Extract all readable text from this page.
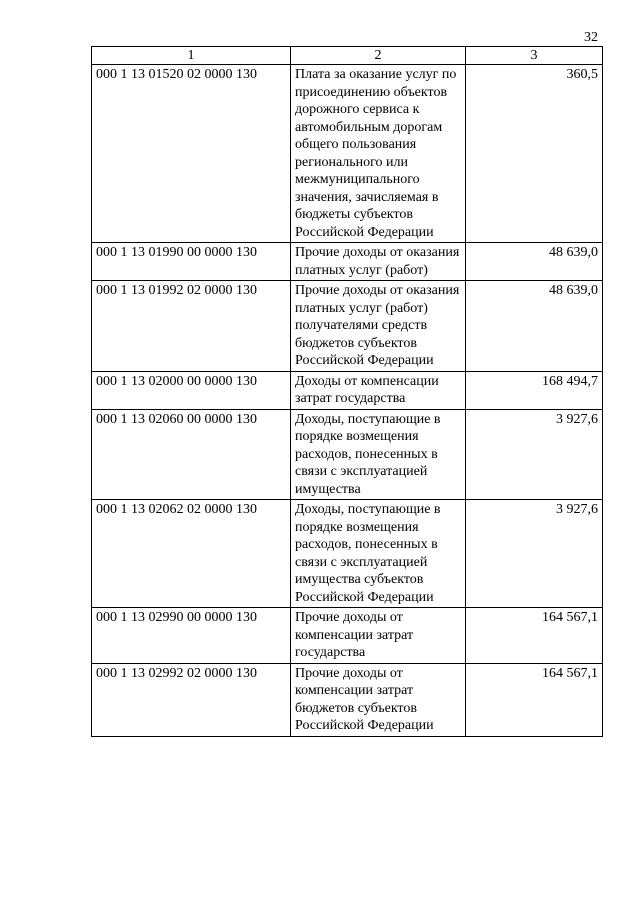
32
1	2	3
000 1 13 01520 02 0000 130	Плата за оказание услуг по присоединению объектов дорожного сервиса к автомобильным дорогам общего пользования регионального или межмуниципального значения, зачисляемая в бюджеты субъектов Российской Федерации	360,5
000 1 13 01990 00 0000 130	Прочие доходы от оказания платных услуг (работ)	48 639,0
000 1 13 01992 02 0000 130	Прочие доходы от оказания платных услуг (работ) получателями средств бюджетов субъектов Российской Федерации	48 639,0
000 1 13 02000 00 0000 130	Доходы от компенсации затрат государства	168 494,7
000 1 13 02060 00 0000 130	Доходы, поступающие в порядке возмещения расходов, понесенных в связи с эксплуатацией имущества	3 927,6
000 1 13 02062 02 0000 130	Доходы, поступающие в порядке возмещения расходов, понесенных в связи с эксплуатацией имущества субъектов Российской Федерации	3 927,6
000 1 13 02990 00 0000 130	Прочие доходы от компенсации затрат государства	164 567,1
000 1 13 02992 02 0000 130	Прочие доходы от компенсации затрат бюджетов субъектов Российской Федерации	164 567,1
